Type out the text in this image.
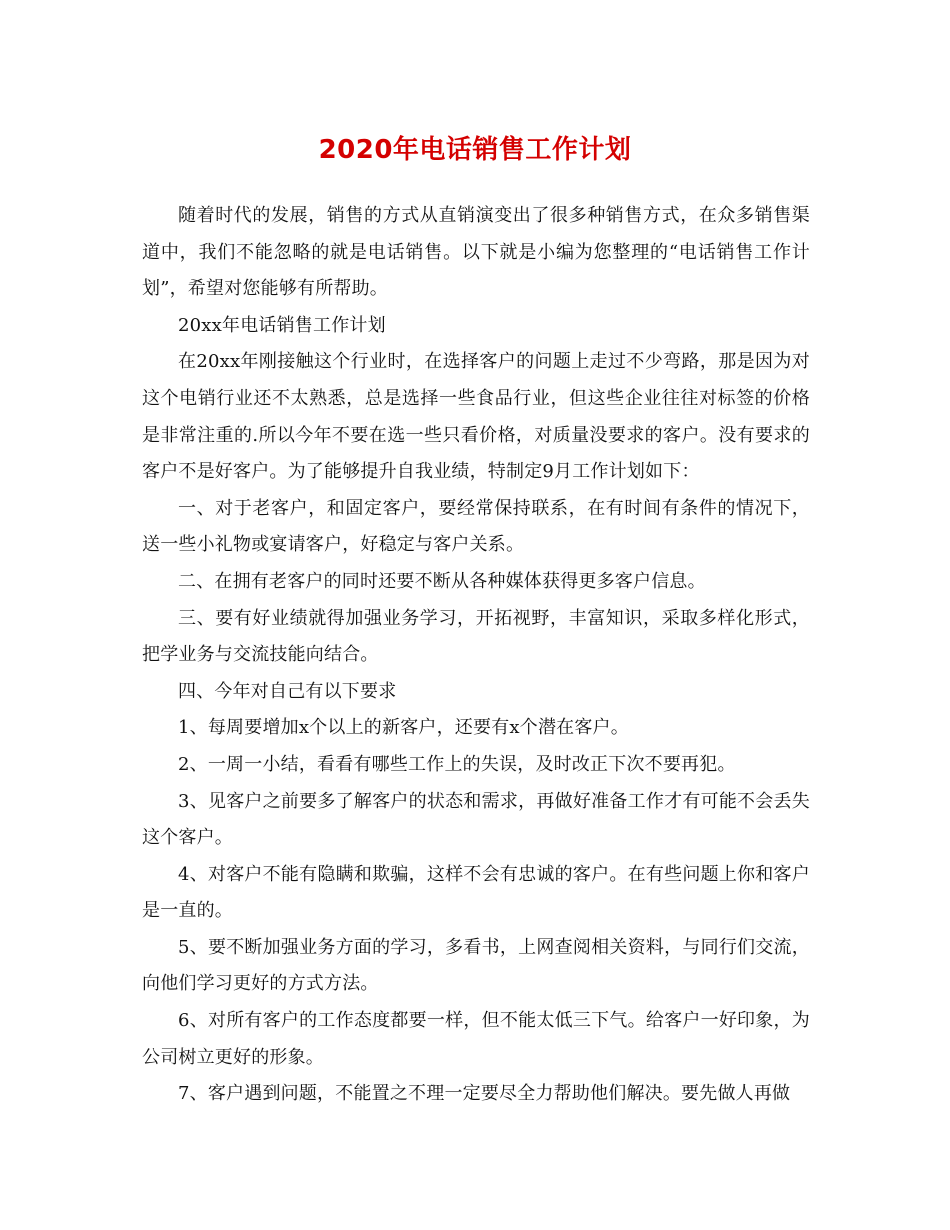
2020年电话销售工作计划

随着时代的发展，销售的方式从直销演变出了很多种销售方式，在众多销售渠道中，我们不能忽略的就是电话销售。以下就是小编为您整理的“电话销售工作计划”，希望对您能够有所帮助。

20xx年电话销售工作计划

在20xx年刚接触这个行业时，在选择客户的问题上走过不少弯路，那是因为对这个电销行业还不太熟悉，总是选择一些食品行业，但这些企业往往对标签的价格是非常注重的.所以今年不要在选一些只看价格，对质量没要求的客户。没有要求的客户不是好客户。为了能够提升自我业绩，特制定9月工作计划如下：

一、对于老客户，和固定客户，要经常保持联系，在有时间有条件的情况下，送一些小礼物或宴请客户，好稳定与客户关系。

二、在拥有老客户的同时还要不断从各种媒体获得更多客户信息。

三、要有好业绩就得加强业务学习，开拓视野，丰富知识，采取多样化形式，把学业务与交流技能向结合。

四、今年对自己有以下要求

1、每周要增加x个以上的新客户，还要有x个潜在客户。

2、一周一小结，看看有哪些工作上的失误，及时改正下次不要再犯。

3、见客户之前要多了解客户的状态和需求，再做好准备工作才有可能不会丢失这个客户。

4、对客户不能有隐瞒和欺骗，这样不会有忠诚的客户。在有些问题上你和客户是一直的。

5、要不断加强业务方面的学习，多看书，上网查阅相关资料，与同行们交流，向他们学习更好的方式方法。

6、对所有客户的工作态度都要一样，但不能太低三下气。给客户一好印象，为公司树立更好的形象。

7、客户遇到问题，不能置之不理一定要尽全力帮助他们解决。要先做人再做
